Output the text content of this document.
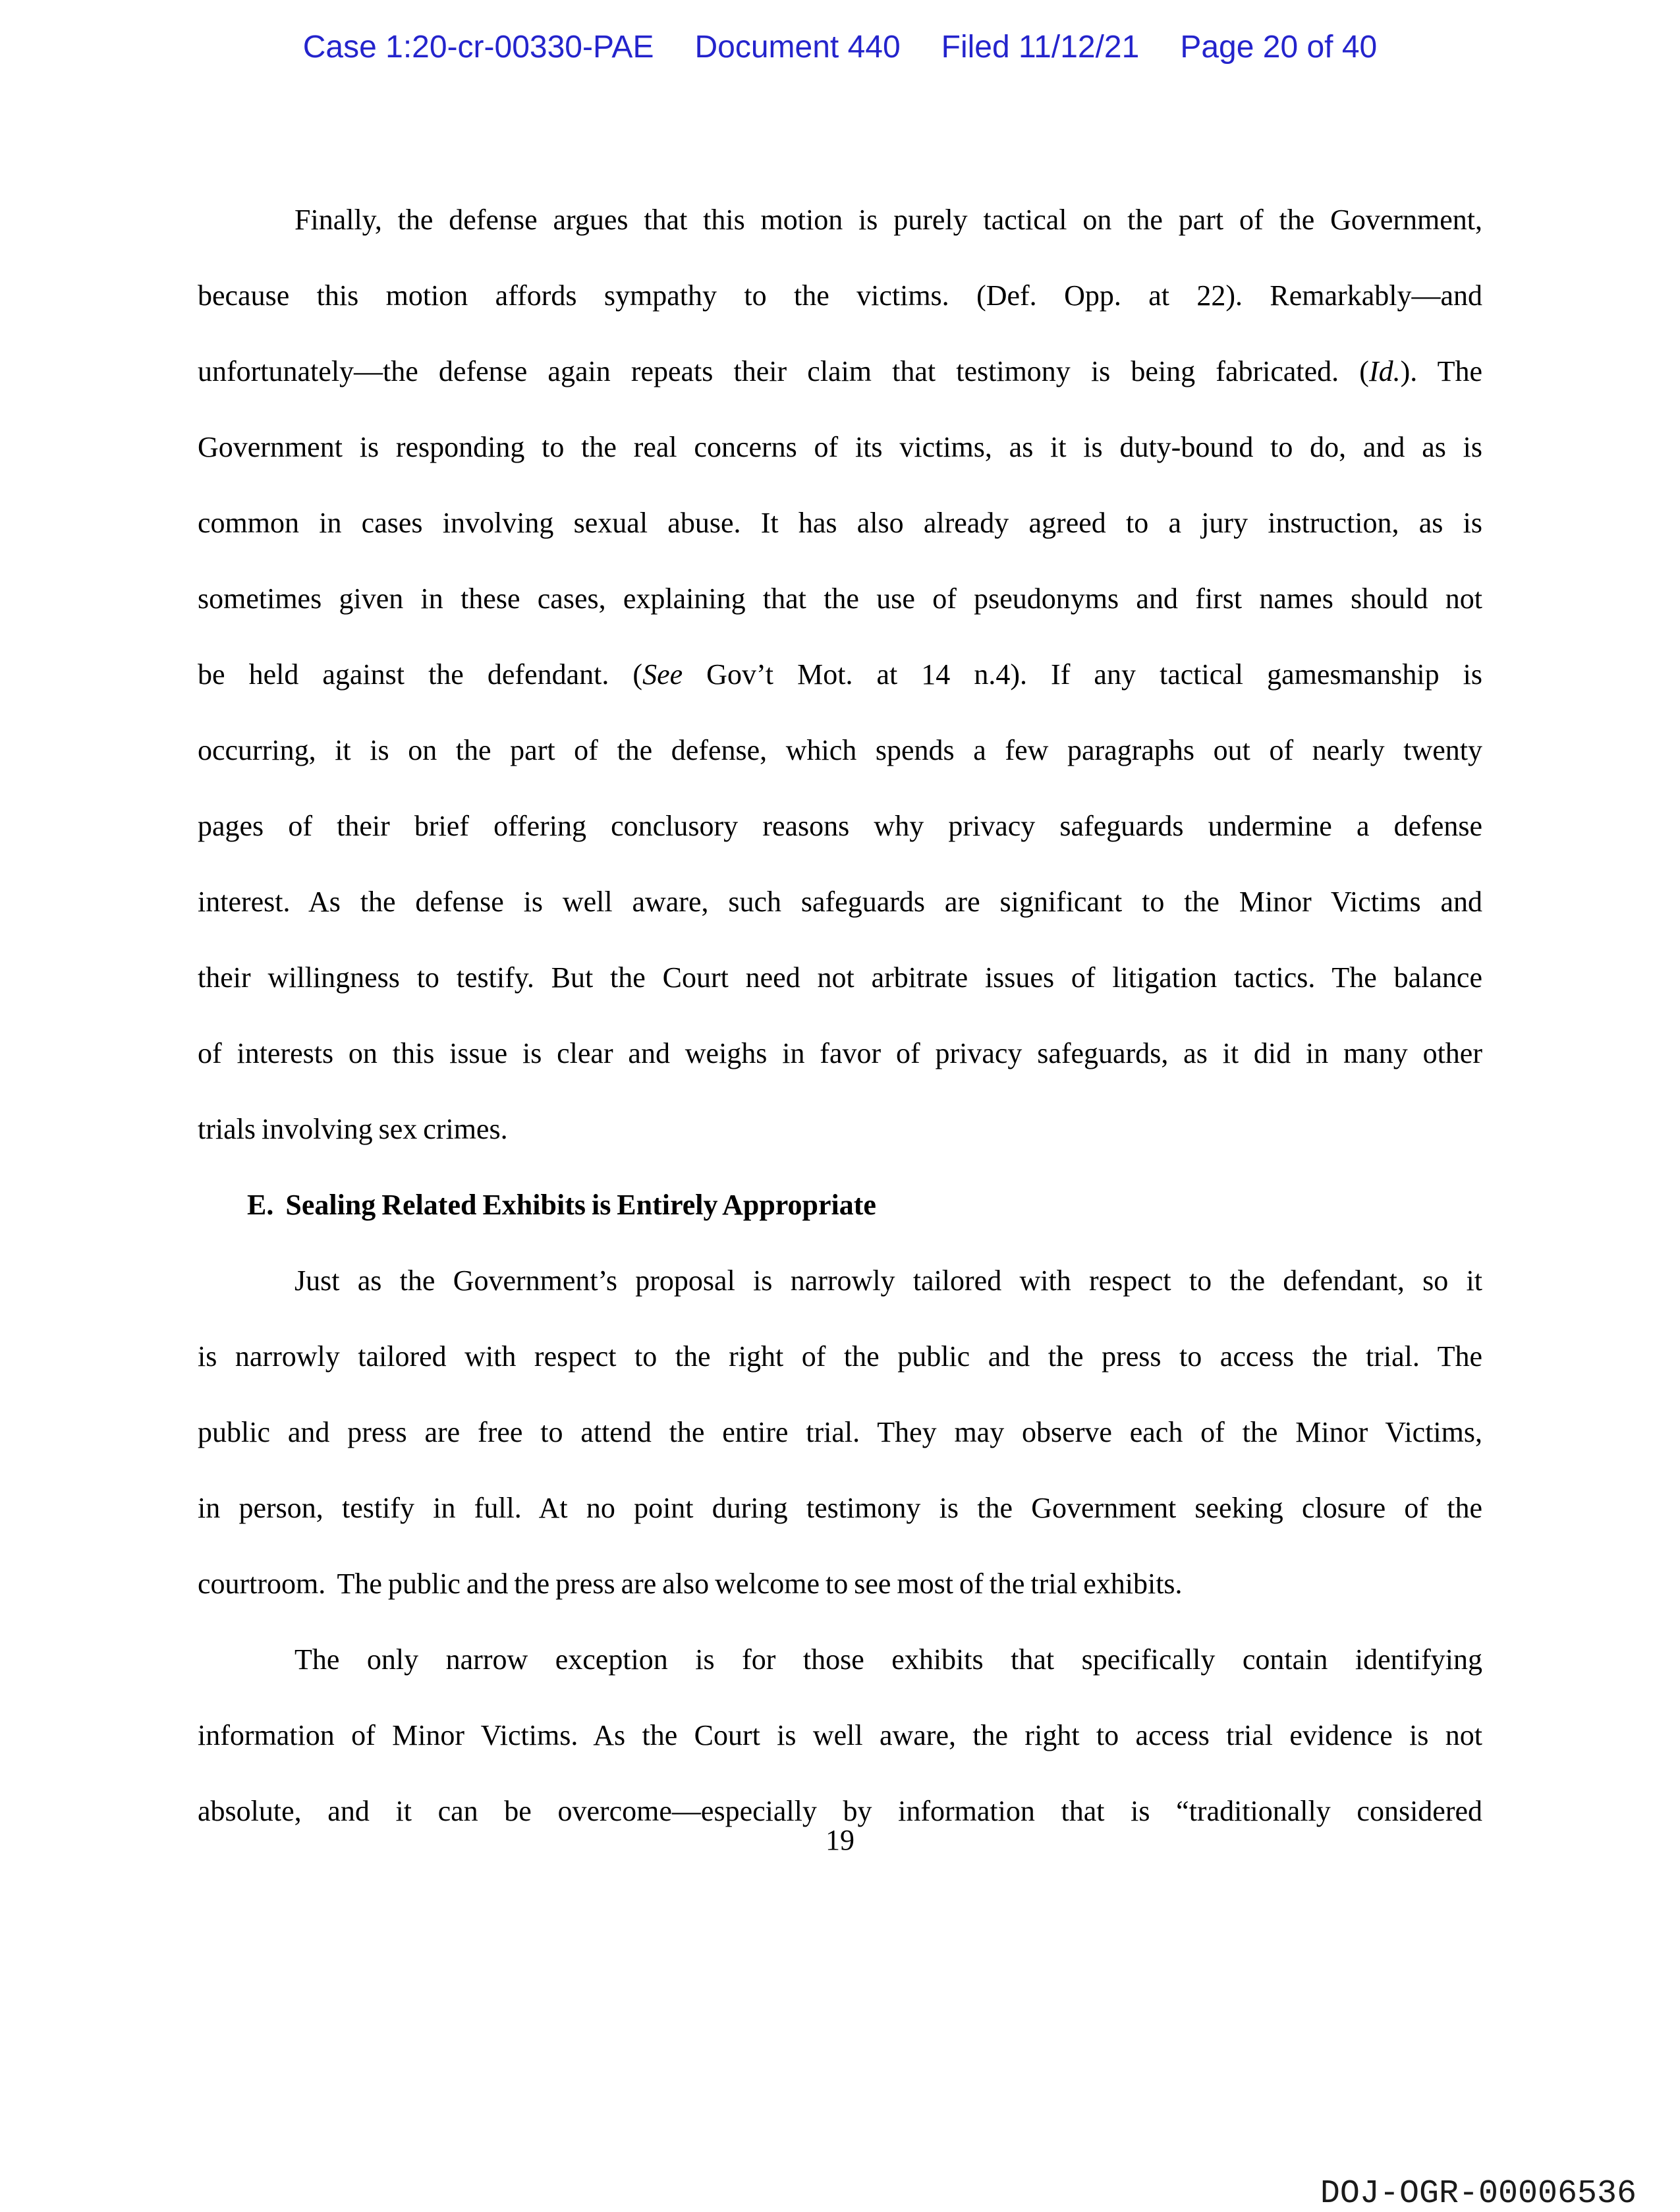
Case 1:20-cr-00330-PAE Document 440 Filed 11/12/21 Page 20 of 40
Finally, the defense argues that this motion is purely tactical on the part of the Government,
because this motion affords sympathy to the victims. (Def. Opp. at 22). Remarkably—and
unfortunately—the defense again repeats their claim that testimony is being fabricated. (Id.). The
Government is responding to the real concerns of its victims, as it is duty-bound to do, and as is
common in cases involving sexual abuse. It has also already agreed to a jury instruction, as is
sometimes given in these cases, explaining that the use of pseudonyms and first names should not
be held against the defendant. (See Gov’t Mot. at 14 n.4). If any tactical gamesmanship is
occurring, it is on the part of the defense, which spends a few paragraphs out of nearly twenty
pages of their brief offering conclusory reasons why privacy safeguards undermine a defense
interest. As the defense is well aware, such safeguards are significant to the Minor Victims and
their willingness to testify. But the Court need not arbitrate issues of litigation tactics. The balance
of interests on this issue is clear and weighs in favor of privacy safeguards, as it did in many other
trials involving sex crimes.
E.  Sealing Related Exhibits is Entirely Appropriate
Just as the Government’s proposal is narrowly tailored with respect to the defendant, so it
is narrowly tailored with respect to the right of the public and the press to access the trial. The
public and press are free to attend the entire trial. They may observe each of the Minor Victims,
in person, testify in full. At no point during testimony is the Government seeking closure of the
courtroom.  The public and the press are also welcome to see most of the trial exhibits.
The only narrow exception is for those exhibits that specifically contain identifying
information of Minor Victims. As the Court is well aware, the right to access trial evidence is not
absolute, and it can be overcome—especially by information that is “traditionally considered
19
DOJ-OGR-00006536
